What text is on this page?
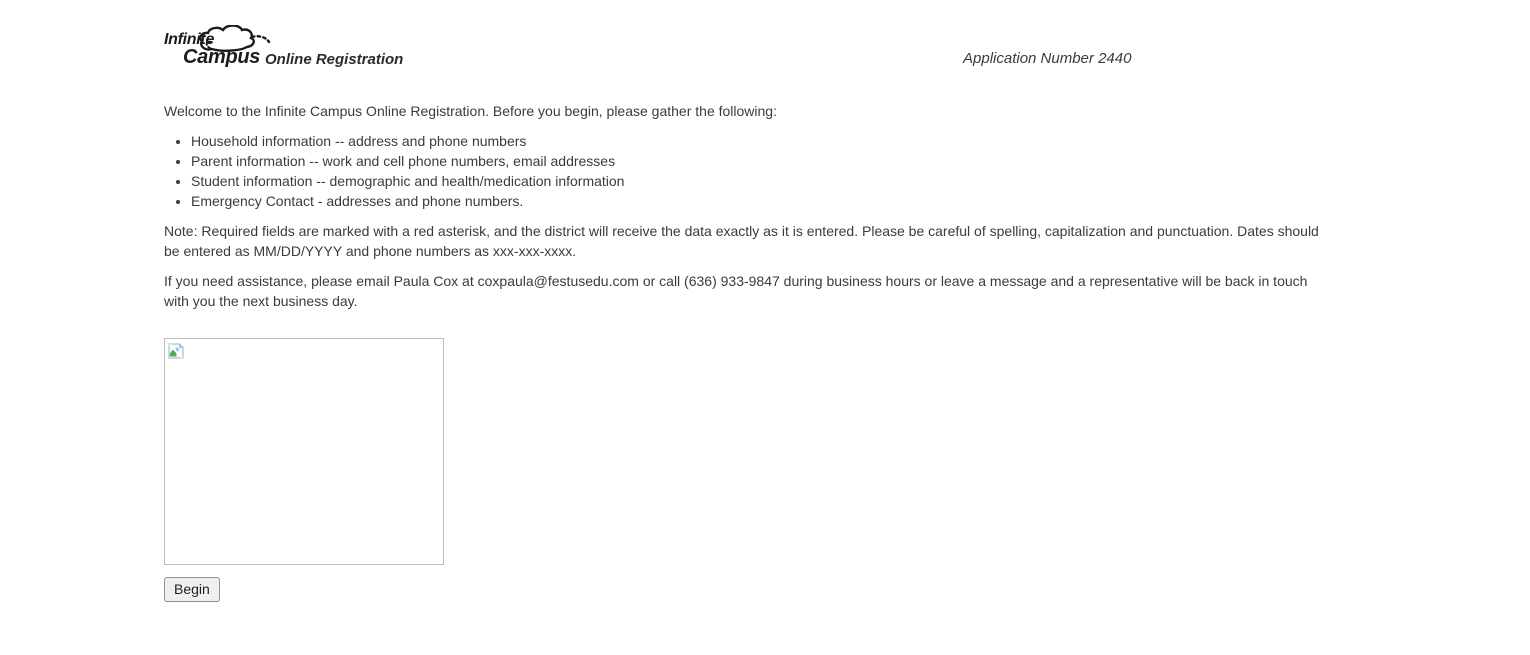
Infinite
Campus Online Registration	Application Number 2440

Welcome to the Infinite Campus Online Registration. Before you begin, please gather the following:

• Household information -- address and phone numbers
• Parent information -- work and cell phone numbers, email addresses
• Student information -- demographic and health/medication information
• Emergency Contact - addresses and phone numbers.

Note: Required fields are marked with a red asterisk, and the district will receive the data exactly as it is entered. Please be careful of spelling, capitalization and punctuation. Dates should be entered as MM/DD/YYYY and phone numbers as xxx-xxx-xxxx.

If you need assistance, please email Paula Cox at coxpaula@festusedu.com or call (636) 933-9847 during business hours or leave a message and a representative will be back in touch with you the next business day.

Begin
